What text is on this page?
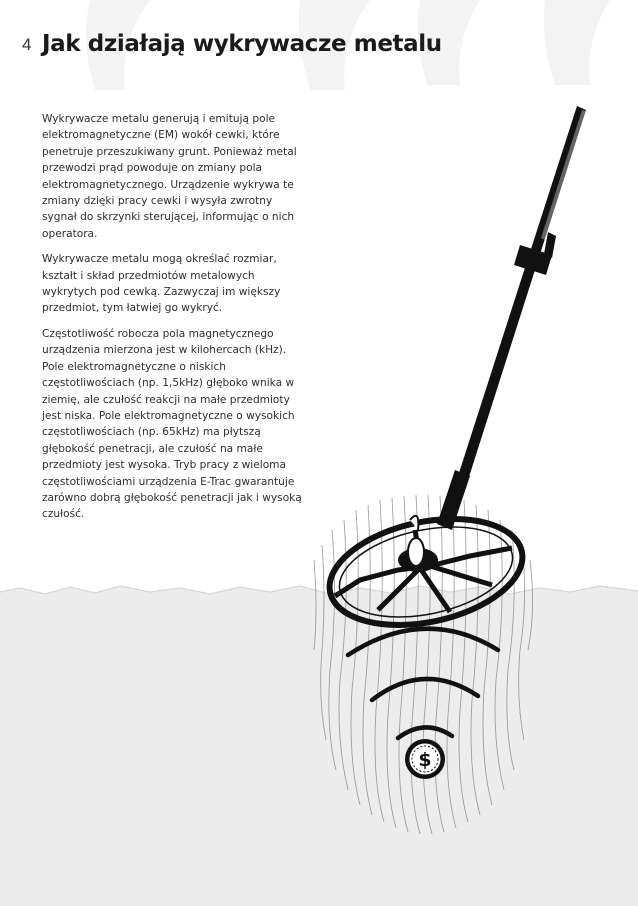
$
4 Jak działają wykrywacze metalu

Wykrywacze metalu generują i emitują pole elektromagnetyczne (EM) wokół cewki, które penetruje przeszukiwany grunt. Ponieważ metal przewodzi prąd powoduje on zmiany pola elektromagnetycznego. Urządzenie wykrywa te zmiany dzięki pracy cewki i wysyła zwrotny sygnał do skrzynki sterującej, informując o nich operatora.

Wykrywacze metalu mogą określać rozmiar, kształt i skład przedmiotów metalowych wykrytych pod cewką. Zazwyczaj im większy przedmiot, tym łatwiej go wykryć.

Częstotliwość robocza pola magnetycznego urządzenia mierzona jest w kilohercach (kHz). Pole elektromagnetyczne o niskich częstotliwościach (np. 1,5kHz) głęboko wnika w ziemię, ale czułość reakcji na małe przedmioty jest niska. Pole elektromagnetyczne o wysokich częstotliwościach (np. 65kHz) ma płytszą głębokość penetracji, ale czułość na małe przedmioty jest wysoka. Tryb pracy z wieloma częstotliwościami urządzenia E-Trac gwarantuje zarówno dobrą głębokość penetracji jak i wysoką czułość.
